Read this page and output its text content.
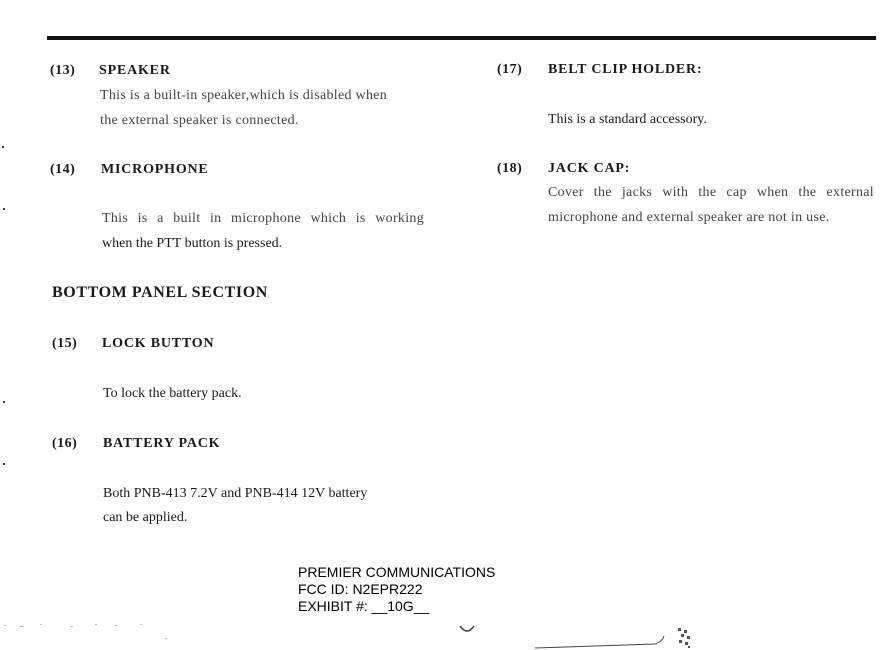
(13) SPEAKER
This is a built-in speaker,which is disabled when
the external speaker is connected.
(14) MICROPHONE
This is a built in microphone which is working
when the PTT button is pressed.
BOTTOM PANEL SECTION
(15) LOCK BUTTON
To lock the battery pack.
(16) BATTERY PACK
Both PNB-413 7.2V and PNB-414 12V battery
can be applied.
(17) BELT CLIP HOLDER:
This is a standard accessory.
(18) JACK CAP:
Cover the jacks with the cap when the external
microphone and external speaker are not in use.
PREMIER COMMUNICATIONS
FCC ID: N2EPR222
EXHIBIT #: __10G__
